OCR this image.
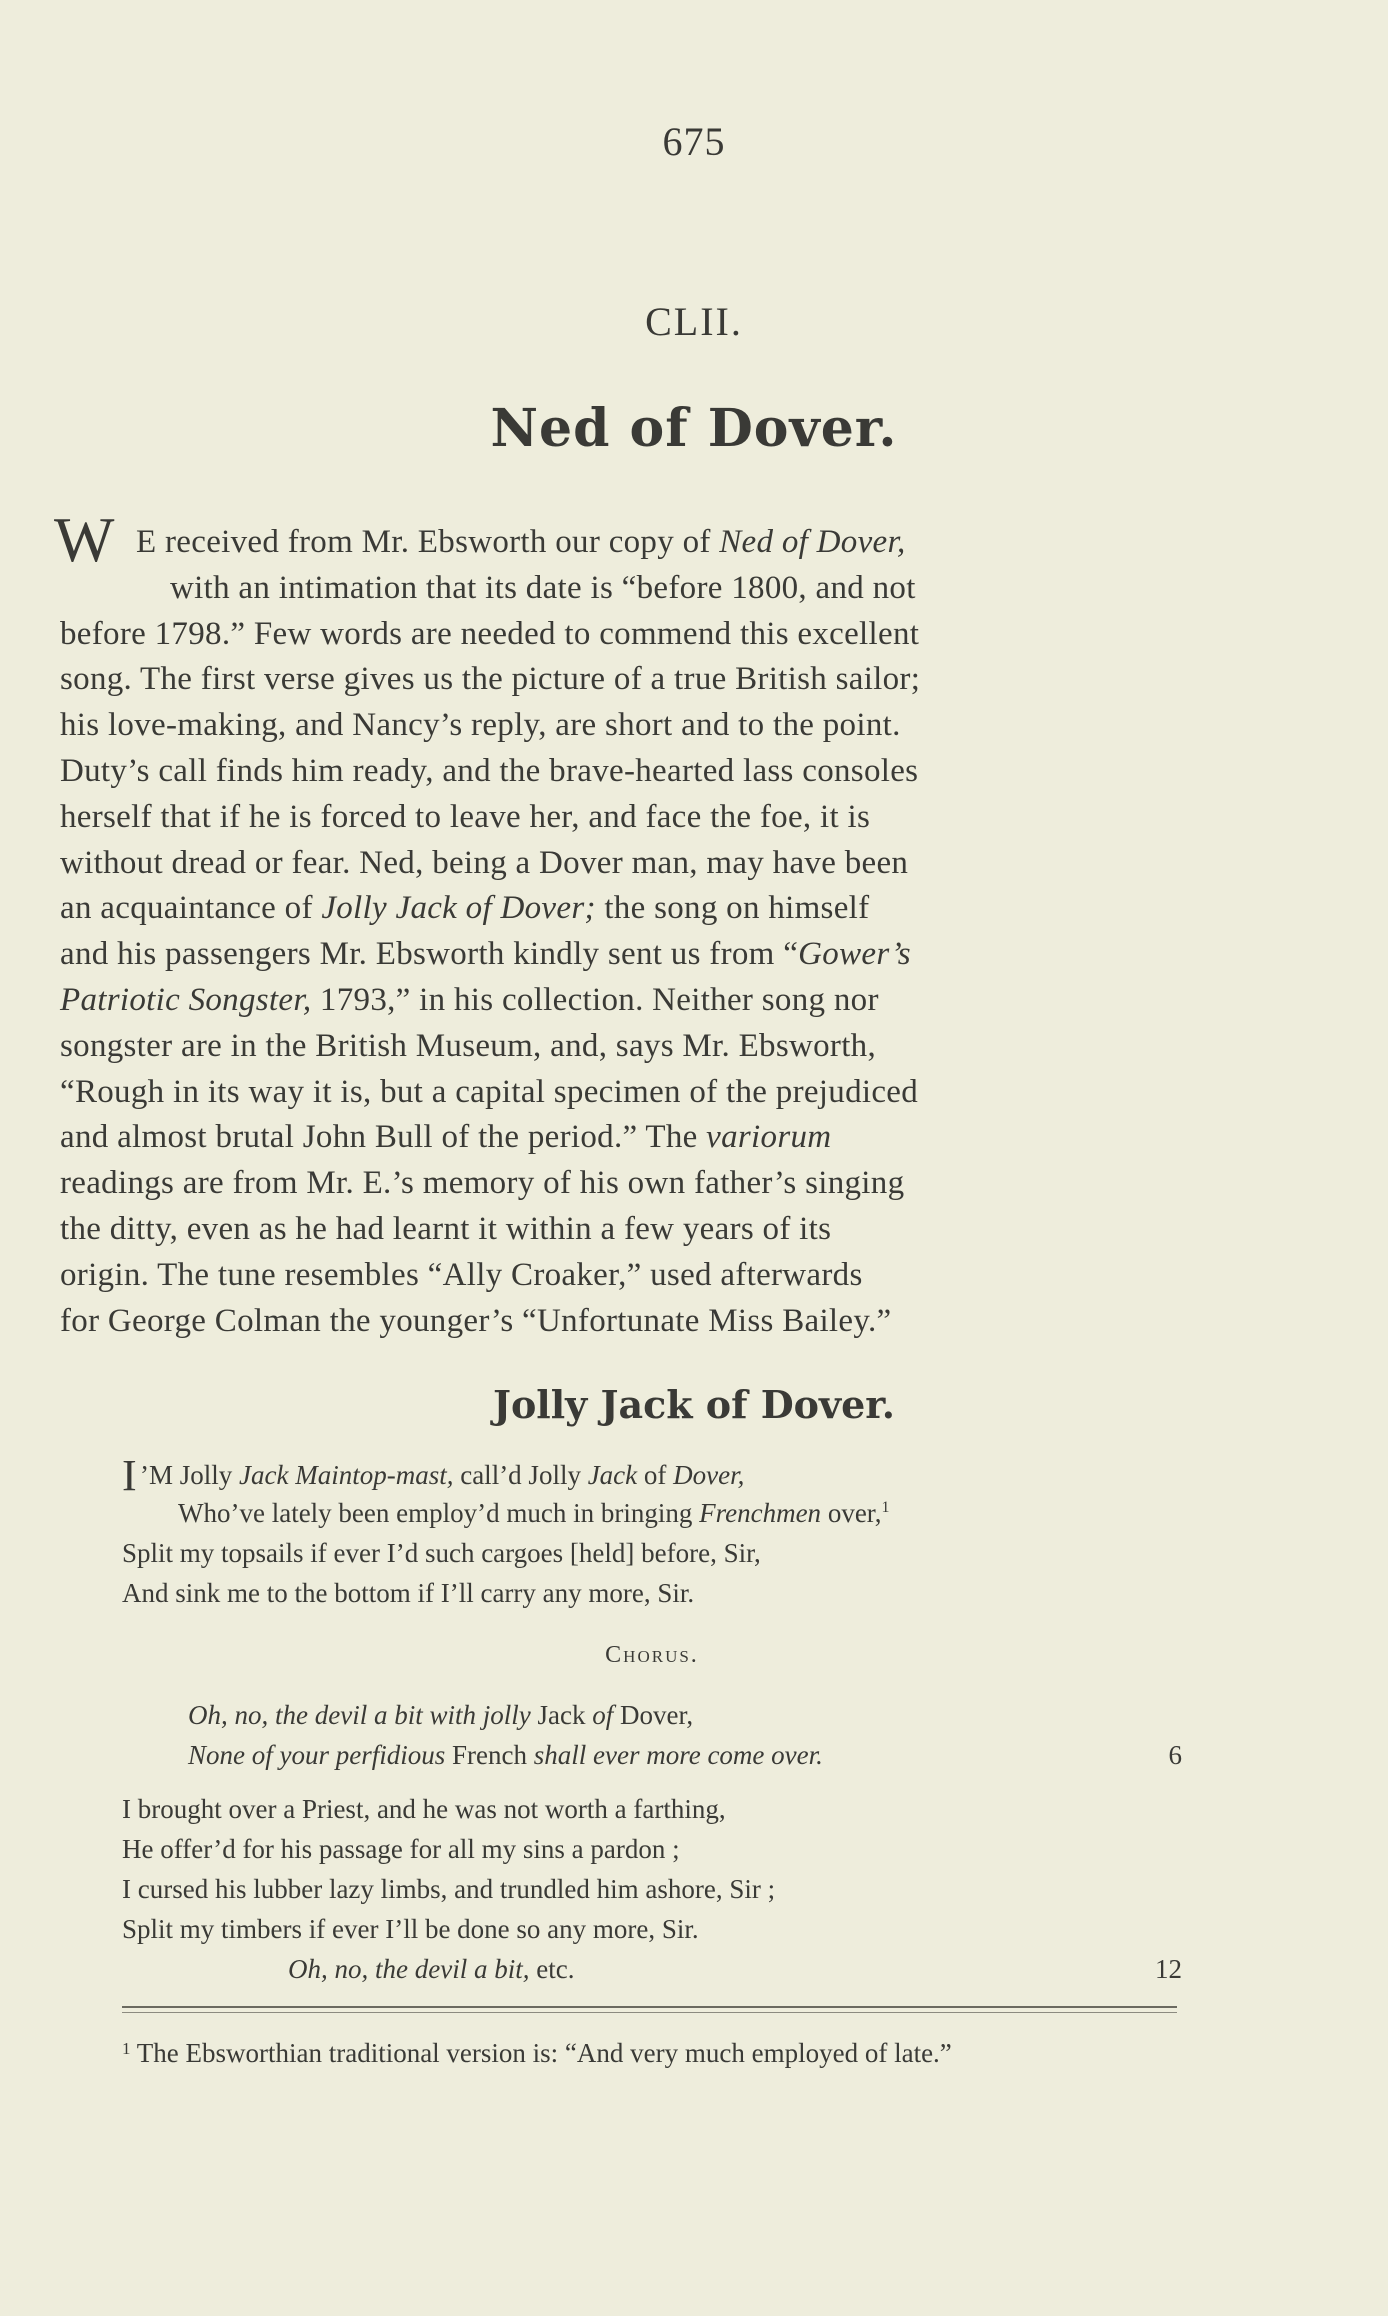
675
CLII.
Ned of Dover.
W E received from Mr. Ebsworth our copy of Ned of Dover,
with an intimation that its date is “before 1800, and not
before 1798.” Few words are needed to commend this excellent
song. The first verse gives us the picture of a true British sailor;
his love-making, and Nancy’s reply, are short and to the point.
Duty’s call finds him ready, and the brave-hearted lass consoles
herself that if he is forced to leave her, and face the foe, it is
without dread or fear. Ned, being a Dover man, may have been
an acquaintance of Jolly Jack of Dover; the song on himself
and his passengers Mr. Ebsworth kindly sent us from “Gower’s
Patriotic Songster, 1793,” in his collection. Neither song nor
songster are in the British Museum, and, says Mr. Ebsworth,
“Rough in its way it is, but a capital specimen of the prejudiced
and almost brutal John Bull of the period.” The variorum
readings are from Mr. E.’s memory of his own father’s singing
the ditty, even as he had learnt it within a few years of its
origin. The tune resembles “Ally Croaker,” used afterwards
for George Colman the younger’s “Unfortunate Miss Bailey.”
Jolly Jack of Dover.
I ’M Jolly Jack Maintop-mast, call’d Jolly Jack of Dover,
Who’ve lately been employ’d much in bringing Frenchmen over,$^1$
Split my topsails if ever I’d such cargoes [held] before, Sir,
And sink me to the bottom if I’ll carry any more, Sir.
Chorus.
Oh, no, the devil a bit with jolly Jack of Dover,
None of your perfidious French shall ever more come over.	6
I brought over a Priest, and he was not worth a farthing,
He offer’d for his passage for all my sins a pardon ;
I cursed his lubber lazy limbs, and trundled him ashore, Sir ;
Split my timbers if ever I’ll be done so any more, Sir.
Oh, no, the devil a bit, etc.	12
$^1$ The Ebsworthian traditional version is: “And very much employed of late.”
